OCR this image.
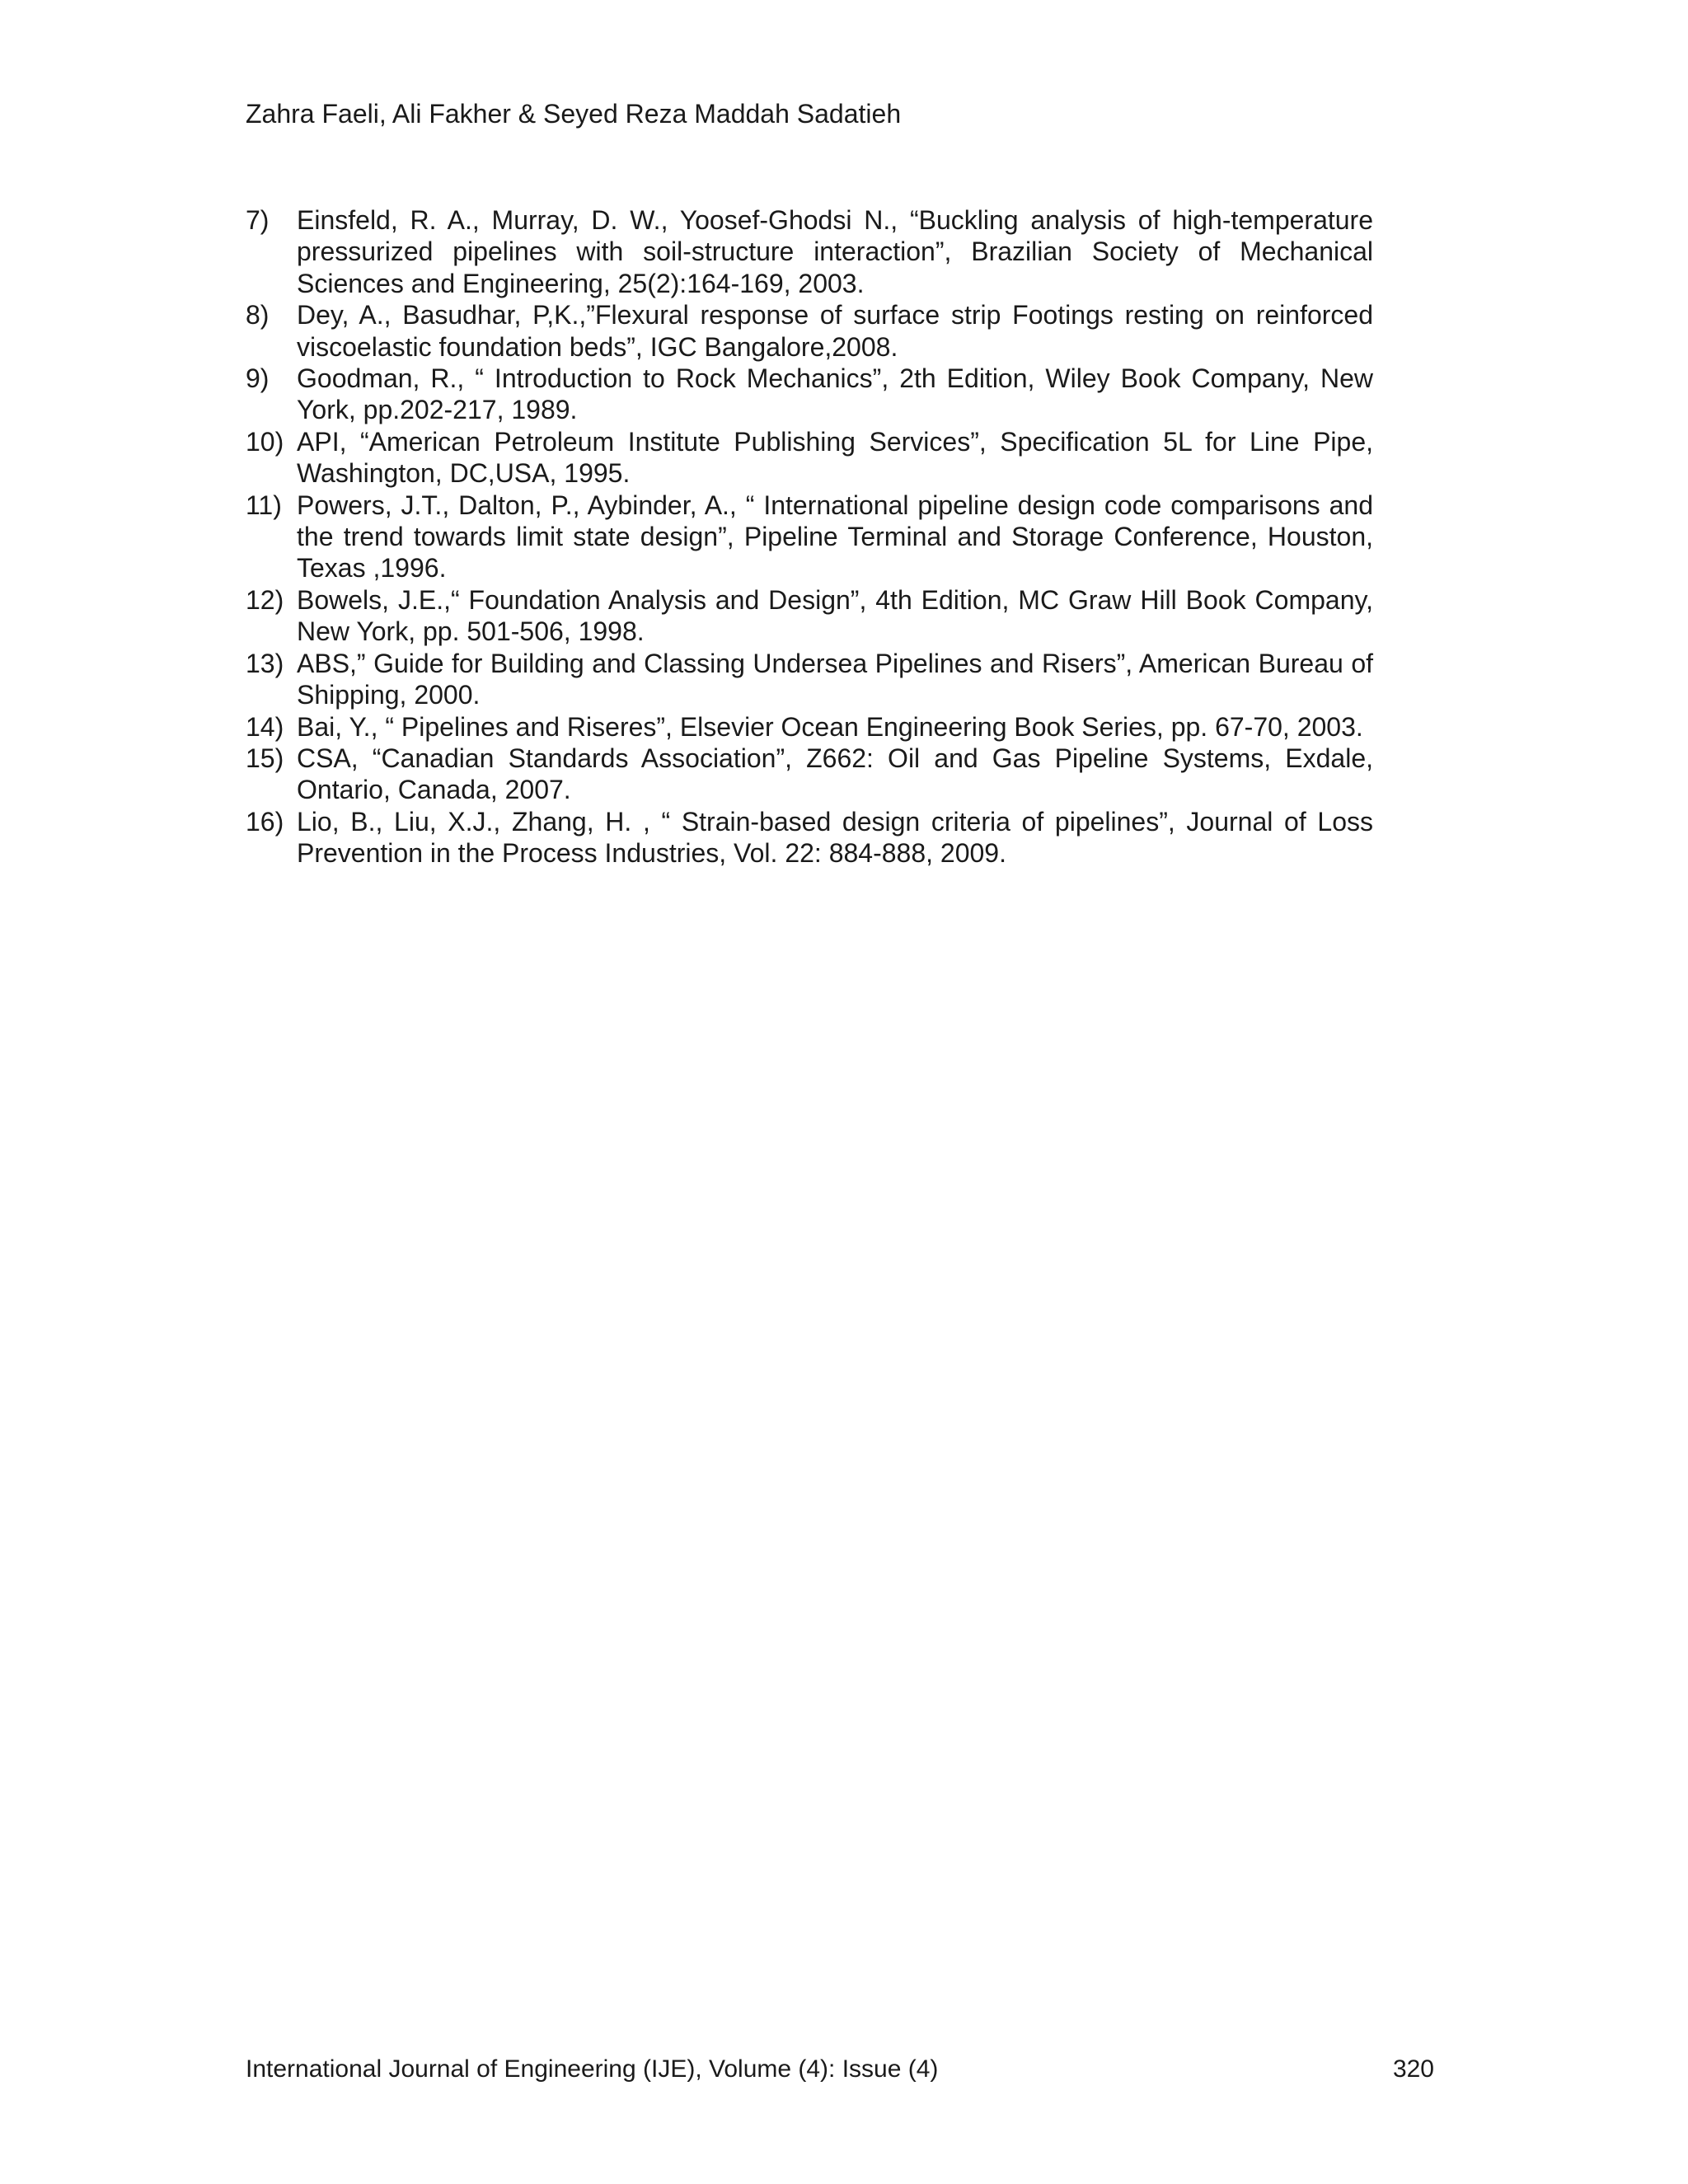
Zahra Faeli, Ali Fakher & Seyed Reza Maddah Sadatieh
7)	Einsfeld, R. A., Murray, D. W., Yoosef-Ghodsi N., “Buckling analysis of high-temperature pressurized pipelines with soil-structure interaction”, Brazilian Society of Mechanical Sciences and Engineering, 25(2):164-169, 2003.
8)	Dey, A., Basudhar, P,K.,”Flexural response of surface strip Footings resting on reinforced viscoelastic foundation beds”, IGC Bangalore,2008.
9)	Goodman, R., “ Introduction to Rock Mechanics”, 2th Edition, Wiley Book Company, New York, pp.202-217, 1989.
10) API, “American Petroleum Institute Publishing Services”, Specification 5L for Line Pipe, Washington, DC,USA, 1995.
11) Powers, J.T., Dalton, P., Aybinder, A., “ International pipeline design code comparisons and the trend towards limit state design”, Pipeline Terminal and Storage Conference, Houston, Texas ,1996.
12) Bowels, J.E.,“ Foundation Analysis and Design”, 4th Edition, MC Graw Hill Book Company, New York, pp. 501-506, 1998.
13) ABS,” Guide for Building and Classing Undersea Pipelines and Risers”, American Bureau of Shipping, 2000.
14) Bai, Y., “ Pipelines and Riseres”, Elsevier Ocean Engineering Book Series, pp. 67-70, 2003.
15) CSA, “Canadian Standards Association”, Z662: Oil and Gas Pipeline Systems, Exdale, Ontario, Canada, 2007.
16) Lio, B., Liu, X.J., Zhang, H. , “ Strain-based design criteria of pipelines”, Journal of Loss Prevention in the Process Industries, Vol. 22: 884-888, 2009.
International Journal of Engineering (IJE), Volume (4): Issue (4)	320
